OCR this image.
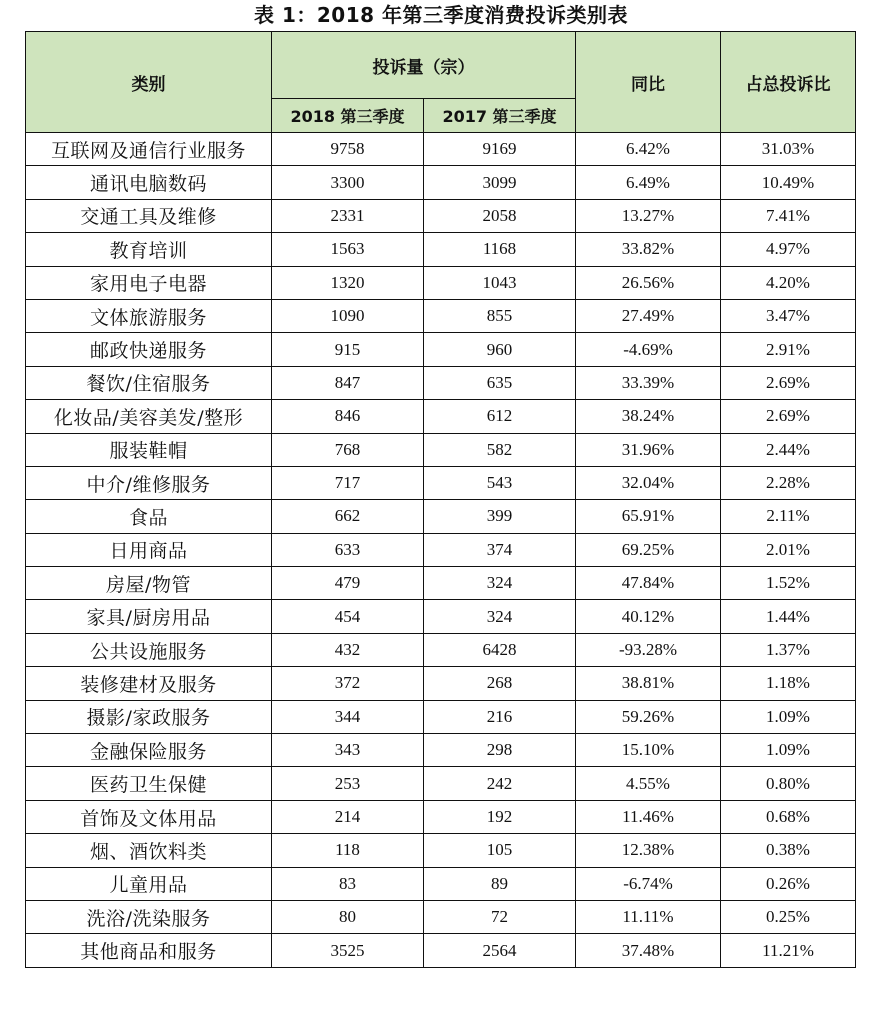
表 1：2018 年第三季度消费投诉类别表
类别	投诉量（宗）		同比	占总投诉比
	2018 第三季度	2017 第三季度		
互联网及通信行业服务	9758	9169	6.42%	31.03%
通讯电脑数码	3300	3099	6.49%	10.49%
交通工具及维修	2331	2058	13.27%	7.41%
教育培训	1563	1168	33.82%	4.97%
家用电子电器	1320	1043	26.56%	4.20%
文体旅游服务	1090	855	27.49%	3.47%
邮政快递服务	915	960	-4.69%	2.91%
餐饮/住宿服务	847	635	33.39%	2.69%
化妆品/美容美发/整形	846	612	38.24%	2.69%
服装鞋帽	768	582	31.96%	2.44%
中介/维修服务	717	543	32.04%	2.28%
食品	662	399	65.91%	2.11%
日用商品	633	374	69.25%	2.01%
房屋/物管	479	324	47.84%	1.52%
家具/厨房用品	454	324	40.12%	1.44%
公共设施服务	432	6428	-93.28%	1.37%
装修建材及服务	372	268	38.81%	1.18%
摄影/家政服务	344	216	59.26%	1.09%
金融保险服务	343	298	15.10%	1.09%
医药卫生保健	253	242	4.55%	0.80%
首饰及文体用品	214	192	11.46%	0.68%
烟、酒饮料类	118	105	12.38%	0.38%
儿童用品	83	89	-6.74%	0.26%
洗浴/洗染服务	80	72	11.11%	0.25%
其他商品和服务	3525	2564	37.48%	11.21%
